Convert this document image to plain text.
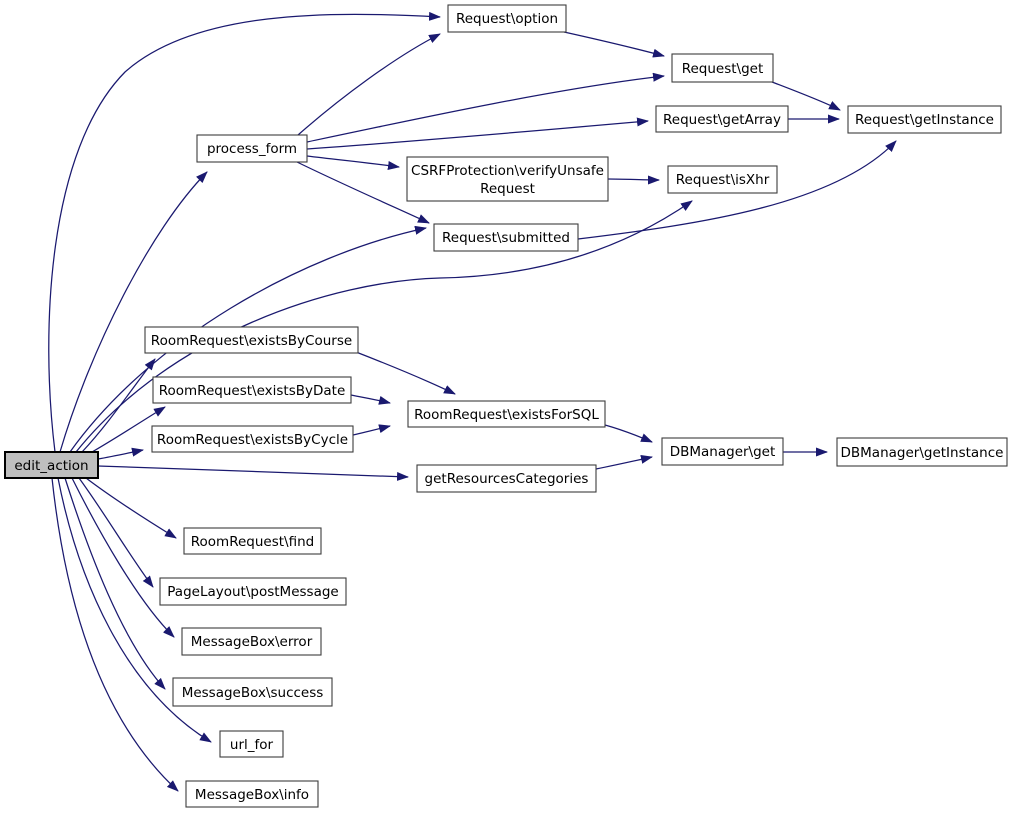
edit_action
process_form
Request\option
Request\get
Request\getArray	Request\getInstance
CSRFProtection\verifyUnsafe
Request
Request\isXhr
Request\submitted
RoomRequest\existsByCourse
RoomRequest\existsByDate
RoomRequest\existsByCycle
RoomRequest\existsForSQL
getResourcesCategories
DBManager\get	DBManager\getInstance
RoomRequest\find
PageLayout\postMessage
MessageBox\error
MessageBox\success
url_for
MessageBox\info
